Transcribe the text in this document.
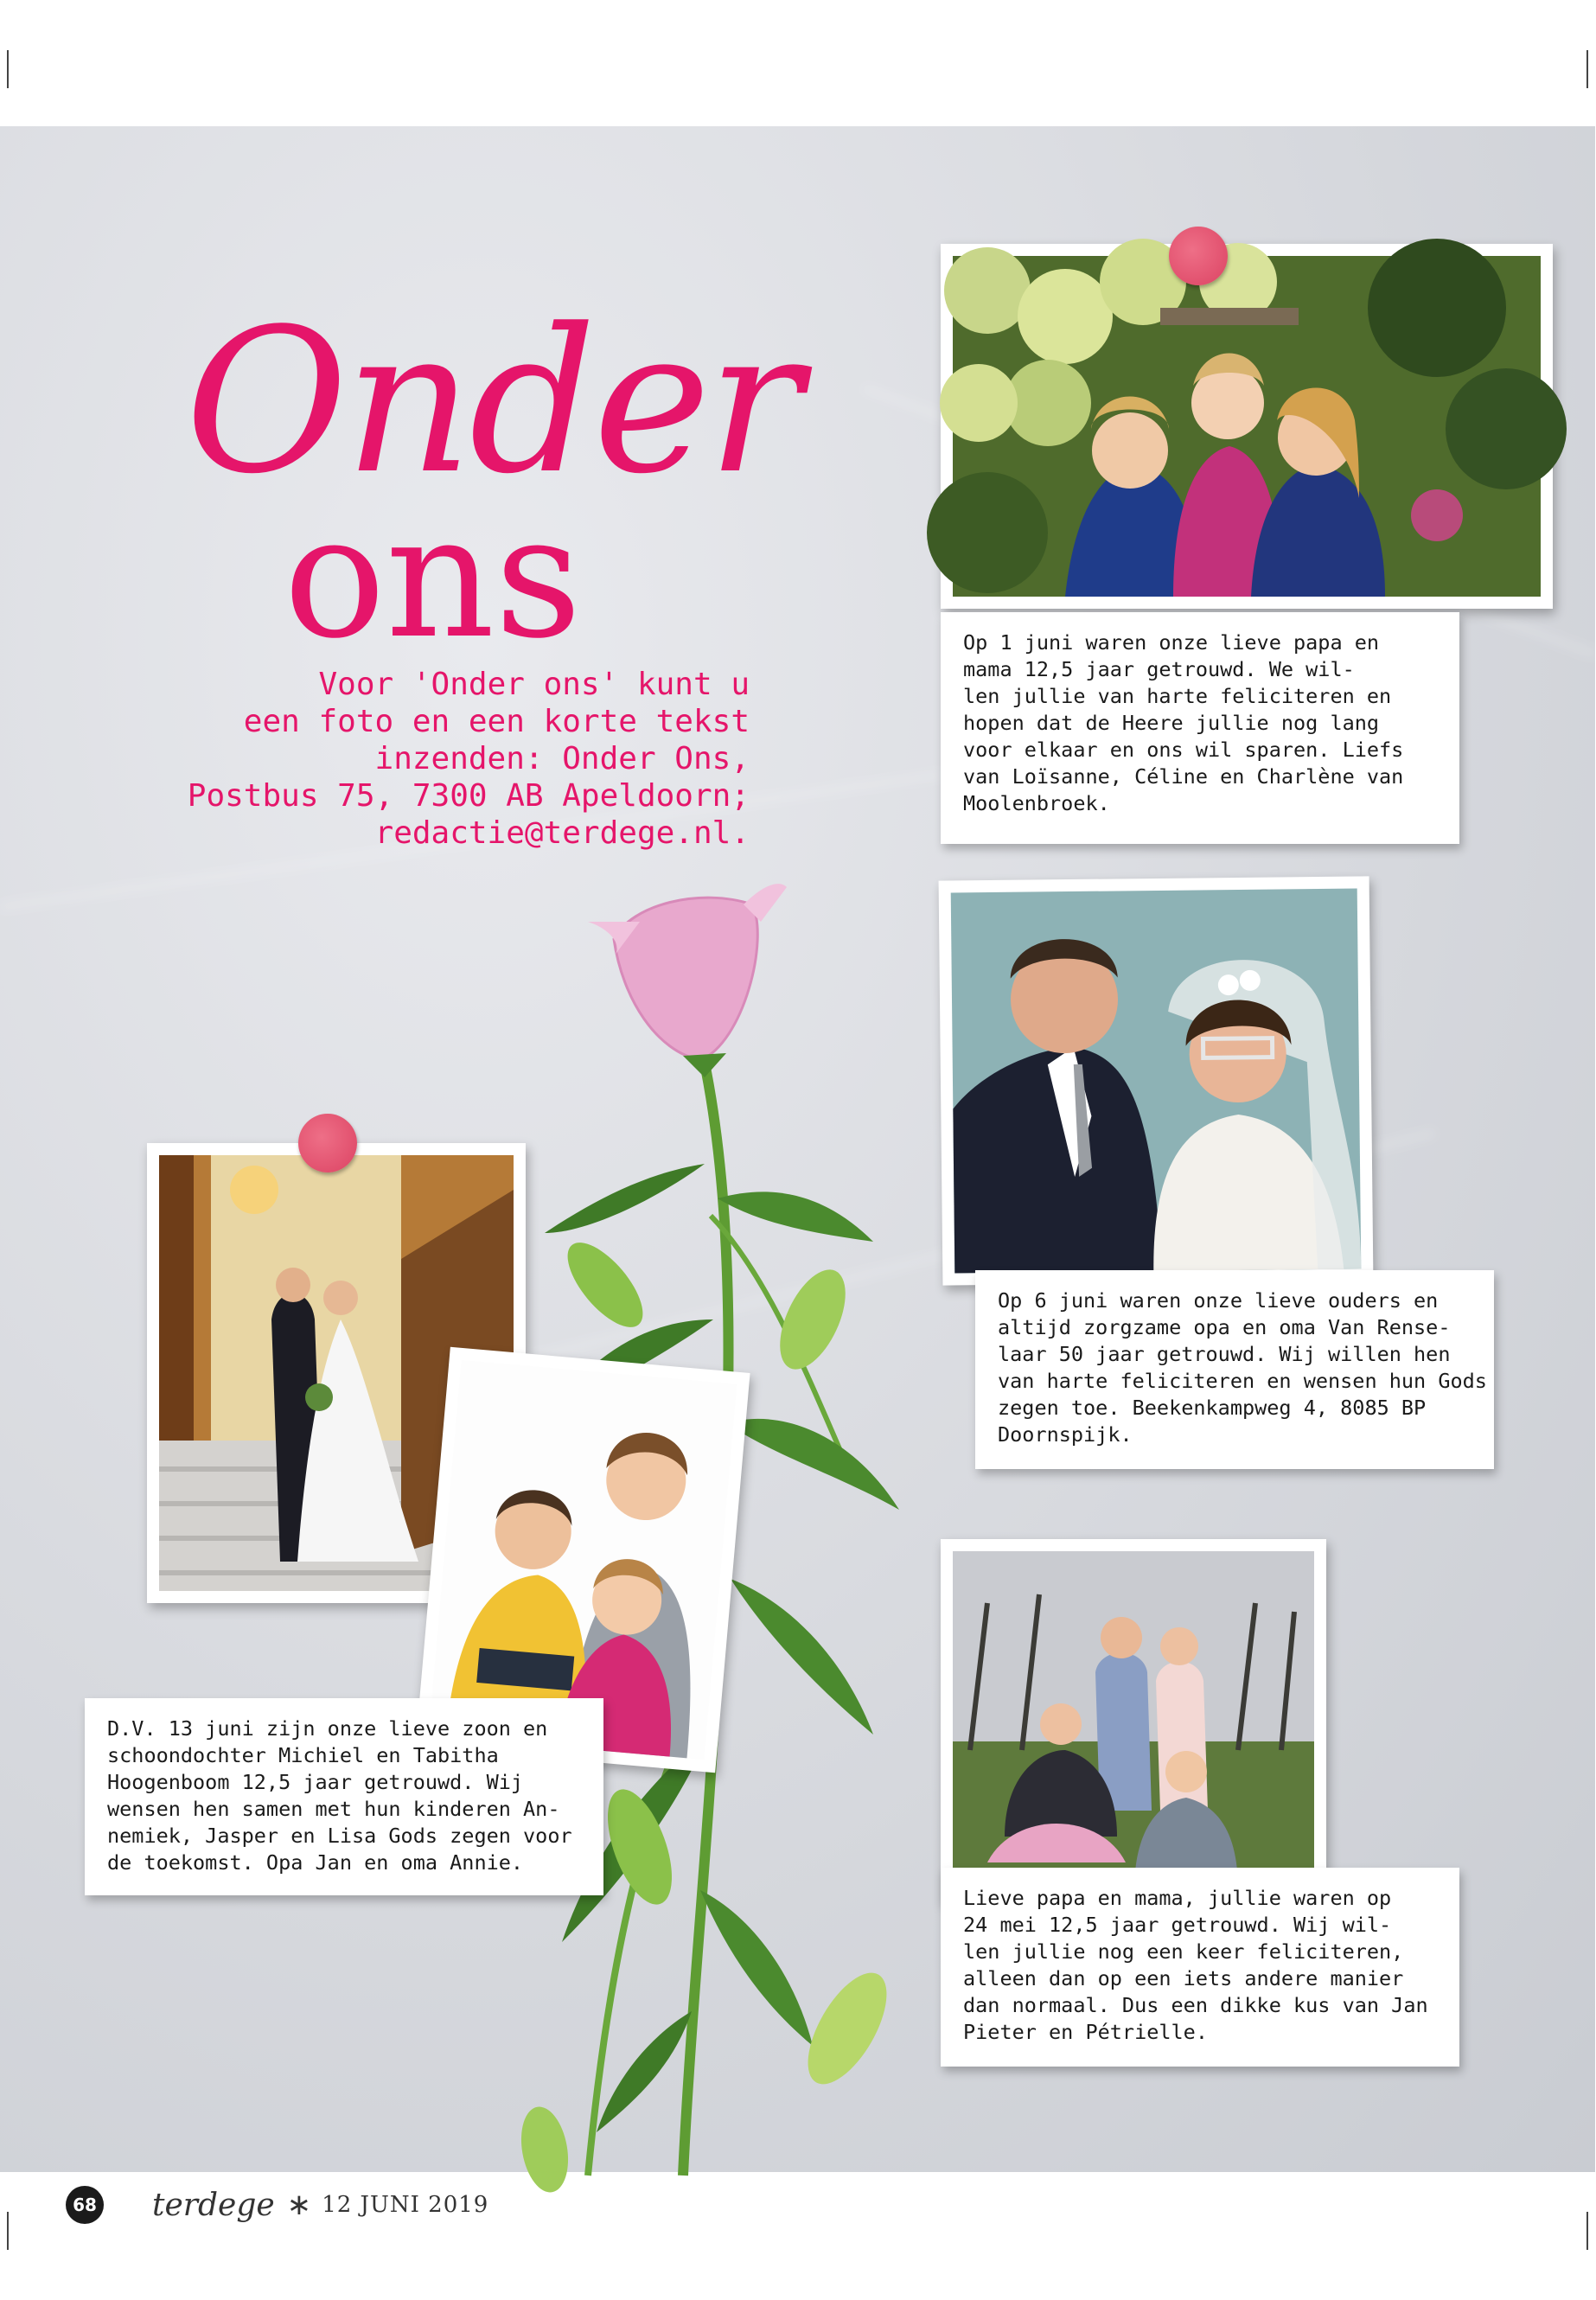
Onder
ons
Voor 'Onder ons' kunt u
een foto en een korte tekst
inzenden: Onder Ons,
Postbus 75, 7300 AB Apeldoorn;
redactie@terdege.nl.
Op 1 juni waren onze lieve papa en
mama 12,5 jaar getrouwd. We wil-
len jullie van harte feliciteren en
hopen dat de Heere jullie nog lang
voor elkaar en ons wil sparen. Liefs
van Loïsanne, Céline en Charlène van
Moolenbroek.
Op 6 juni waren onze lieve ouders en
altijd zorgzame opa en oma Van Rense-
laar 50 jaar getrouwd. Wij willen hen
van harte feliciteren en wensen hun Gods
zegen toe. Beekenkampweg 4, 8085 BP
Doornspijk.
D.V. 13 juni zijn onze lieve zoon en
schoondochter Michiel en Tabitha
Hoogenboom 12,5 jaar getrouwd. Wij
wensen hen samen met hun kinderen An-
nemiek, Jasper en Lisa Gods zegen voor
de toekomst. Opa Jan en oma Annie.
Lieve papa en mama, jullie waren op
24 mei 12,5 jaar getrouwd. Wij wil-
len jullie nog een keer feliciteren,
alleen dan op een iets andere manier
dan normaal. Dus een dikke kus van Jan
Pieter en Pétrielle.
68 terdege ∗ 12 JUNI 2019
